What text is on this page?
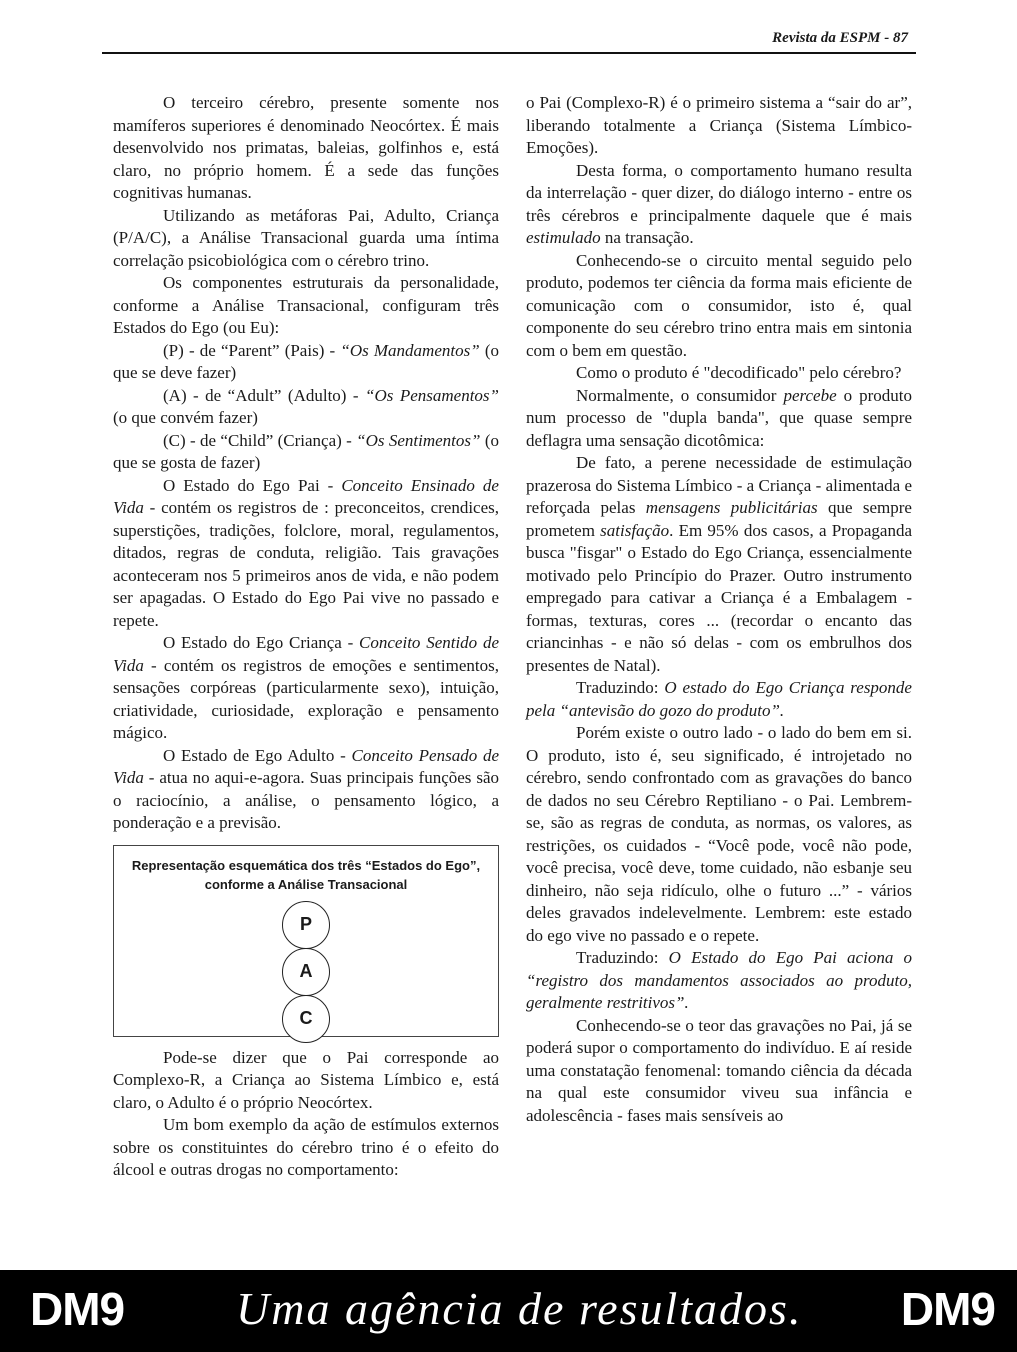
Revista da ESPM - 87

O terceiro cérebro, presente somente nos mamíferos superiores é denominado Neocórtex. É mais desenvolvido nos primatas, baleias, golfinhos e, está claro, no próprio homem. É a sede das funções cognitivas humanas.

Utilizando as metáforas Pai, Adulto, Criança (P/A/C), a Análise Transacional guarda uma íntima correlação psicobiológica com o cérebro trino.

Os componentes estruturais da personalidade, conforme a Análise Transacional, configuram três Estados do Ego (ou Eu):

(P) - de “Parent” (Pais) - “Os Mandamentos” (o que se deve fazer)

(A) - de “Adult” (Adulto) - “Os Pensamentos” (o que convém fazer)

(C) - de “Child” (Criança) - “Os Sentimentos” (o que se gosta de fazer)

O Estado do Ego Pai - Conceito Ensinado de Vida - contém os registros de : preconceitos, crendices, superstições, tradições, folclore, moral, regulamentos, ditados, regras de conduta, religião. Tais gravações aconteceram nos 5 primeiros anos de vida, e não podem ser apagadas. O Estado do Ego Pai vive no passado e repete.

O Estado do Ego Criança - Conceito Sentido de Vida - contém os registros de emoções e sentimentos, sensações corpóreas (particularmente sexo), intuição, criatividade, curiosidade, exploração e pensamento mágico.

O Estado de Ego Adulto - Conceito Pensado de Vida - atua no aqui-e-agora. Suas principais funções são o raciocínio, a análise, o pensamento lógico, a ponderação e a previsão.

Representação esquemática dos três “Estados do Ego”,
conforme a Análise Transacional
P
A
C

Pode-se dizer que o Pai corresponde ao Complexo-R, a Criança ao Sistema Límbico e, está claro, o Adulto é o próprio Neocórtex.

Um bom exemplo da ação de estímulos externos sobre os constituintes do cérebro trino é o efeito do álcool e outras drogas no comportamento:

o Pai (Complexo-R) é o primeiro sistema a “sair do ar”, liberando totalmente a Criança (Sistema Límbico-Emoções).

Desta forma, o comportamento humano resulta da interrelação - quer dizer, do diálogo interno - entre os três cérebros e principalmente daquele que é mais estimulado na transação.

Conhecendo-se o circuito mental seguido pelo produto, podemos ter ciência da forma mais eficiente de comunicação com o consumidor, isto é, qual componente do seu cérebro trino entra mais em sintonia com o bem em questão.

Como o produto é "decodificado" pelo cérebro?

Normalmente, o consumidor percebe o produto num processo de "dupla banda", que quase sempre deflagra uma sensação dicotômica:

De fato, a perene necessidade de estimulação prazerosa do Sistema Límbico - a Criança - alimentada e reforçada pelas mensagens publicitárias que sempre prometem satisfação. Em 95% dos casos, a Propaganda busca "fisgar" o Estado do Ego Criança, essencialmente motivado pelo Princípio do Prazer. Outro instrumento empregado para cativar a Criança é a Embalagem - formas, texturas, cores ... (recordar o encanto das criancinhas - e não só delas - com os embrulhos dos presentes de Natal).

Traduzindo: O estado do Ego Criança responde pela “antevisão do gozo do produto”.

Porém existe o outro lado - o lado do bem em si. O produto, isto é, seu significado, é introjetado no cérebro, sendo confrontado com as gravações do banco de dados no seu Cérebro Reptiliano - o Pai. Lembrem-se, são as regras de conduta, as normas, os valores, as restrições, os cuidados - “Você pode, você não pode, você precisa, você deve, tome cuidado, não esbanje seu dinheiro, não seja ridículo, olhe o futuro ...” - vários deles gravados indelevelmente. Lembrem: este estado do ego vive no passado e o repete.

Traduzindo: O Estado do Ego Pai aciona o “registro dos mandamentos associados ao produto, geralmente restritivos”.

Conhecendo-se o teor das gravações no Pai, já se poderá supor o comportamento do indivíduo. E aí reside uma constatação fenomenal: tomando ciência da década na qual este consumidor viveu sua infância e adolescência - fases mais sensíveis ao

DM9 Uma agência de resultados. DM9
